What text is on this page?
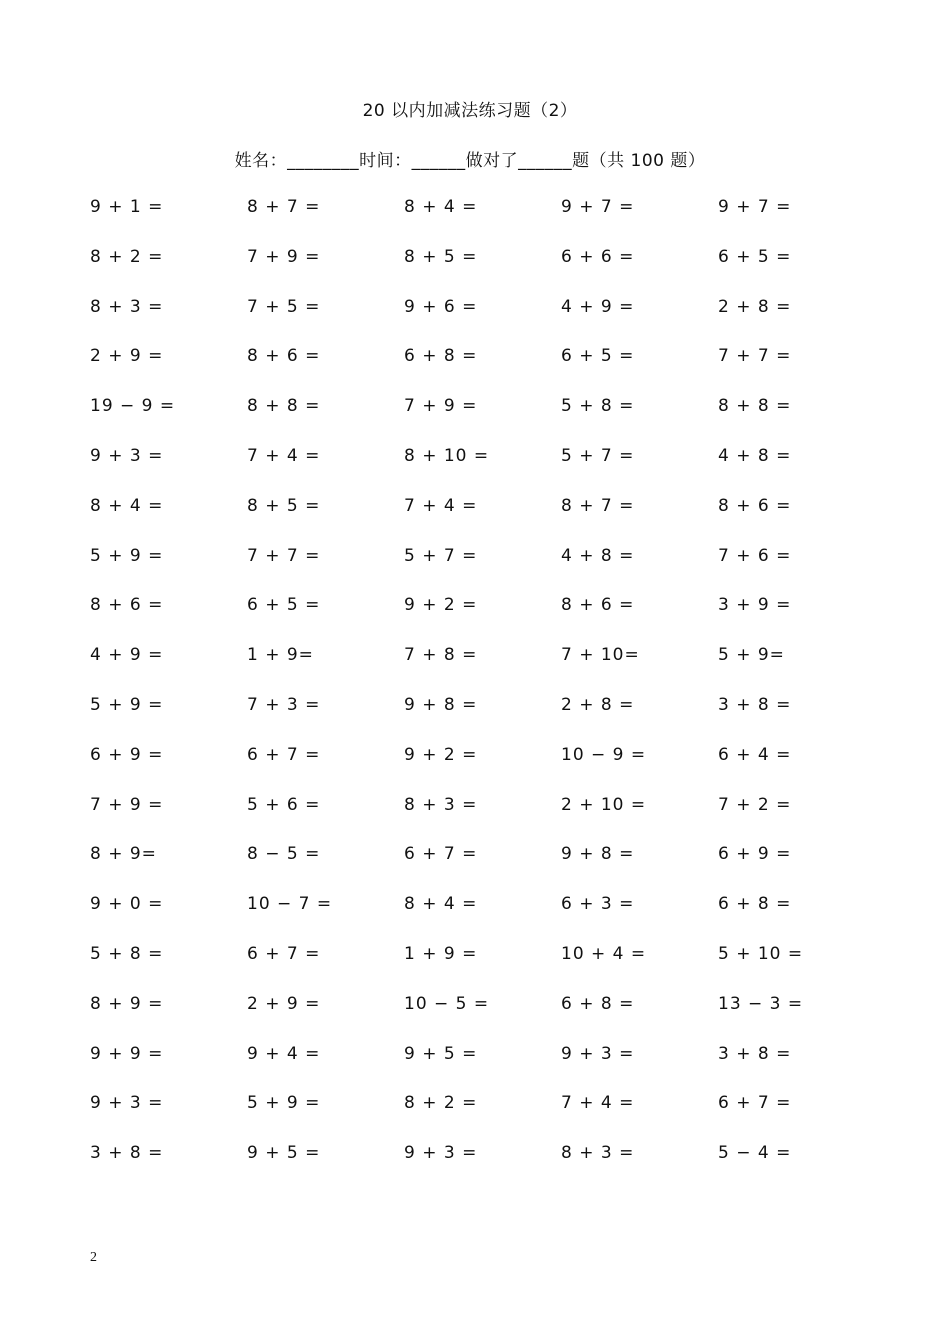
20 以内加减法练习题（2）
姓名：________时间：______做对了______题（共 100 题）
9 + 1 =	8 + 7 =	8 + 4 =	9 + 7 =	9 + 7 =
8 + 2 =	7 + 9 =	8 + 5 =	6 + 6 =	6 + 5 =
8 + 3 =	7 + 5 =	9 + 6 =	4 + 9 =	2 + 8 =
2 + 9 =	8 + 6 =	6 + 8 =	6 + 5 =	7 + 7 =
19 − 9 =	8 + 8 =	7 + 9 =	5 + 8 =	8 + 8 =
9 + 3 =	7 + 4 =	8 + 10 =	5 + 7 =	4 + 8 =
8 + 4 =	8 + 5 =	7 + 4 =	8 + 7 =	8 + 6 =
5 + 9 =	7 + 7 =	5 + 7 =	4 + 8 =	7 + 6 =
8 + 6 =	6 + 5 =	9 + 2 =	8 + 6 =	3 + 9 =
4 + 9 =	1 + 9=	7 + 8 =	7 + 10=	5 + 9=
5 + 9 =	7 + 3 =	9 + 8 =	2 + 8 =	3 + 8 =
6 + 9 =	6 + 7 =	9 + 2 =	10 − 9 =	6 + 4 =
7 + 9 =	5 + 6 =	8 + 3 =	2 + 10 =	7 + 2 =
8 + 9=	8 − 5 =	6 + 7 =	9 + 8 =	6 + 9 =
9 + 0 =	10 − 7 =	8 + 4 =	6 + 3 =	6 + 8 =
5 + 8 =	6 + 7 =	1 + 9 =	10 + 4 =	5 + 10 =
8 + 9 =	2 + 9 =	10 − 5 =	6 + 8 =	13 − 3 =
9 + 9 =	9 + 4 =	9 + 5 =	9 + 3 =	3 + 8 =
9 + 3 =	5 + 9 =	8 + 2 =	7 + 4 =	6 + 7 =
3 + 8 =	9 + 5 =	9 + 3 =	8 + 3 =	5 − 4 =
2
